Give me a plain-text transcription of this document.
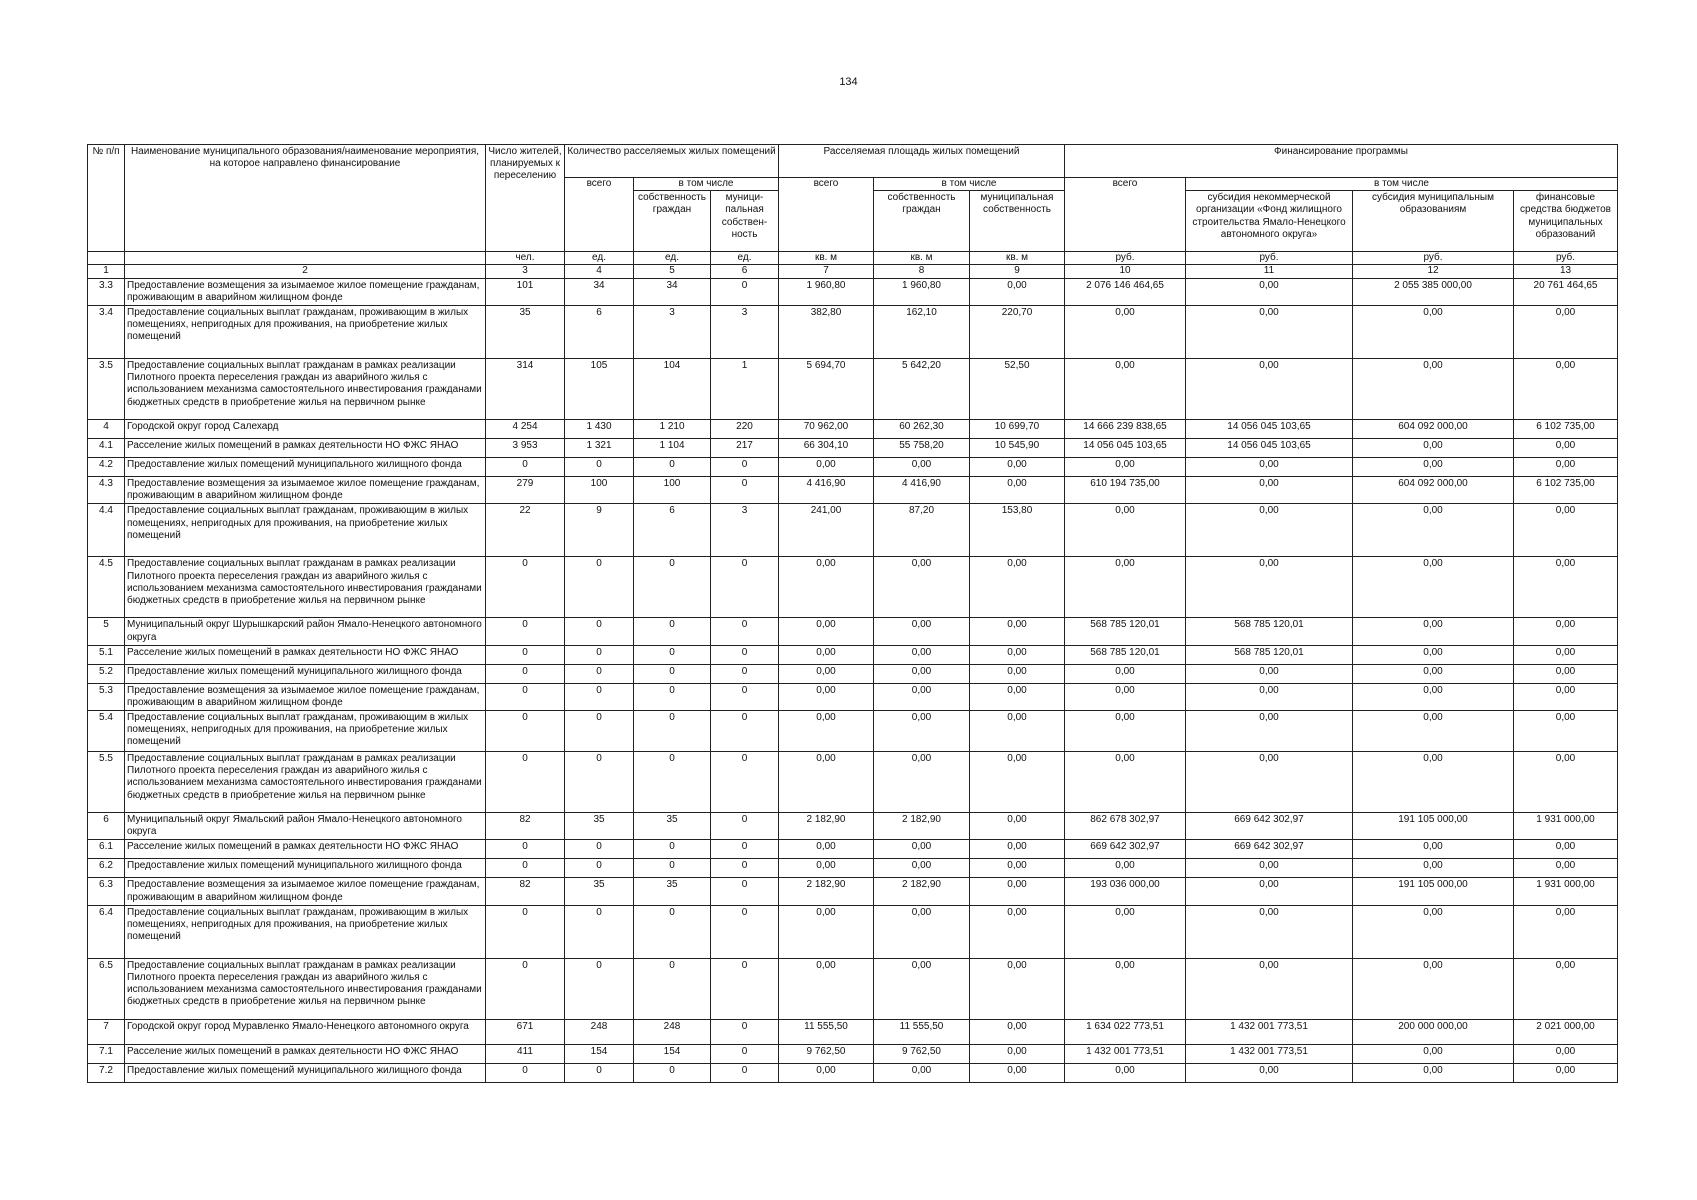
134
№ п/п	Наименование муниципального образования/наименование мероприятия, на которое направлено финансирование	Число жителей, планируемых к переселению	Количество расселяемых жилых помещений			Расселяемая площадь жилых помещений			Финансирование программы			
			всего	в том числе		всего	в том числе		всего	в том числе		
				собственность граждан	муници-пальная собствен-ность		собственность граждан	муниципальная собственность		субсидия некоммерческой организации «Фонд жилищного строительства Ямало-Ненецкого автономного округа»	субсидия муниципальным образованиям	финансовые средства бюджетов муниципальных образований
		чел.	ед.	ед.	ед.	кв. м	кв. м	кв. м	руб.	руб.	руб.	руб.
1	2	3	4	5	6	7	8	9	10	11	12	13
3.3	Предоставление возмещения за изымаемое жилое помещение гражданам, проживающим в аварийном жилищном фонде	101	34	34	0	1 960,80	1 960,80	0,00	2 076 146 464,65	0,00	2 055 385 000,00	20 761 464,65
3.4	Предоставление социальных выплат гражданам, проживающим в жилых помещениях, непригодных для проживания, на приобретение жилых помещений	35	6	3	3	382,80	162,10	220,70	0,00	0,00	0,00	0,00
3.5	Предоставление социальных выплат гражданам в рамках реализации Пилотного проекта переселения граждан из аварийного жилья с использованием механизма самостоятельного инвестирования гражданами бюджетных средств в приобретение жилья на первичном рынке	314	105	104	1	5 694,70	5 642,20	52,50	0,00	0,00	0,00	0,00
4	Городской округ город Салехард	4 254	1 430	1 210	220	70 962,00	60 262,30	10 699,70	14 666 239 838,65	14 056 045 103,65	604 092 000,00	6 102 735,00
4.1	Расселение жилых помещений в рамках деятельности НО ФЖС ЯНАО	3 953	1 321	1 104	217	66 304,10	55 758,20	10 545,90	14 056 045 103,65	14 056 045 103,65	0,00	0,00
4.2	Предоставление жилых помещений муниципального жилищного фонда	0	0	0	0	0,00	0,00	0,00	0,00	0,00	0,00	0,00
4.3	Предоставление возмещения за изымаемое жилое помещение гражданам, проживающим в аварийном жилищном фонде	279	100	100	0	4 416,90	4 416,90	0,00	610 194 735,00	0,00	604 092 000,00	6 102 735,00
4.4	Предоставление социальных выплат гражданам, проживающим в жилых помещениях, непригодных для проживания, на приобретение жилых помещений	22	9	6	3	241,00	87,20	153,80	0,00	0,00	0,00	0,00
4.5	Предоставление социальных выплат гражданам в рамках реализации Пилотного проекта переселения граждан из аварийного жилья с использованием механизма самостоятельного инвестирования гражданами бюджетных средств в приобретение жилья на первичном рынке	0	0	0	0	0,00	0,00	0,00	0,00	0,00	0,00	0,00
5	Муниципальный округ Шурышкарский район Ямало-Ненецкого автономного округа	0	0	0	0	0,00	0,00	0,00	568 785 120,01	568 785 120,01	0,00	0,00
5.1	Расселение жилых помещений в рамках деятельности НО ФЖС ЯНАО	0	0	0	0	0,00	0,00	0,00	568 785 120,01	568 785 120,01	0,00	0,00
5.2	Предоставление жилых помещений муниципального жилищного фонда	0	0	0	0	0,00	0,00	0,00	0,00	0,00	0,00	0,00
5.3	Предоставление возмещения за изымаемое жилое помещение гражданам, проживающим в аварийном жилищном фонде	0	0	0	0	0,00	0,00	0,00	0,00	0,00	0,00	0,00
5.4	Предоставление социальных выплат гражданам, проживающим в жилых помещениях, непригодных для проживания, на приобретение жилых помещений	0	0	0	0	0,00	0,00	0,00	0,00	0,00	0,00	0,00
5.5	Предоставление социальных выплат гражданам в рамках реализации Пилотного проекта переселения граждан из аварийного жилья с использованием механизма самостоятельного инвестирования гражданами бюджетных средств в приобретение жилья на первичном рынке	0	0	0	0	0,00	0,00	0,00	0,00	0,00	0,00	0,00
6	Муниципальный округ Ямальский район Ямало-Ненецкого автономного округа	82	35	35	0	2 182,90	2 182,90	0,00	862 678 302,97	669 642 302,97	191 105 000,00	1 931 000,00
6.1	Расселение жилых помещений в рамках деятельности НО ФЖС ЯНАО	0	0	0	0	0,00	0,00	0,00	669 642 302,97	669 642 302,97	0,00	0,00
6.2	Предоставление жилых помещений муниципального жилищного фонда	0	0	0	0	0,00	0,00	0,00	0,00	0,00	0,00	0,00
6.3	Предоставление возмещения за изымаемое жилое помещение гражданам, проживающим в аварийном жилищном фонде	82	35	35	0	2 182,90	2 182,90	0,00	193 036 000,00	0,00	191 105 000,00	1 931 000,00
6.4	Предоставление социальных выплат гражданам, проживающим в жилых помещениях, непригодных для проживания, на приобретение жилых помещений	0	0	0	0	0,00	0,00	0,00	0,00	0,00	0,00	0,00
6.5	Предоставление социальных выплат гражданам в рамках реализации Пилотного проекта переселения граждан из аварийного жилья с использованием механизма самостоятельного инвестирования гражданами бюджетных средств в приобретение жилья на первичном рынке	0	0	0	0	0,00	0,00	0,00	0,00	0,00	0,00	0,00
7	Городской округ город Муравленко Ямало-Ненецкого автономного округа	671	248	248	0	11 555,50	11 555,50	0,00	1 634 022 773,51	1 432 001 773,51	200 000 000,00	2 021 000,00
7.1	Расселение жилых помещений в рамках деятельности НО ФЖС ЯНАО	411	154	154	0	9 762,50	9 762,50	0,00	1 432 001 773,51	1 432 001 773,51	0,00	0,00
7.2	Предоставление жилых помещений муниципального жилищного фонда	0	0	0	0	0,00	0,00	0,00	0,00	0,00	0,00	0,00
